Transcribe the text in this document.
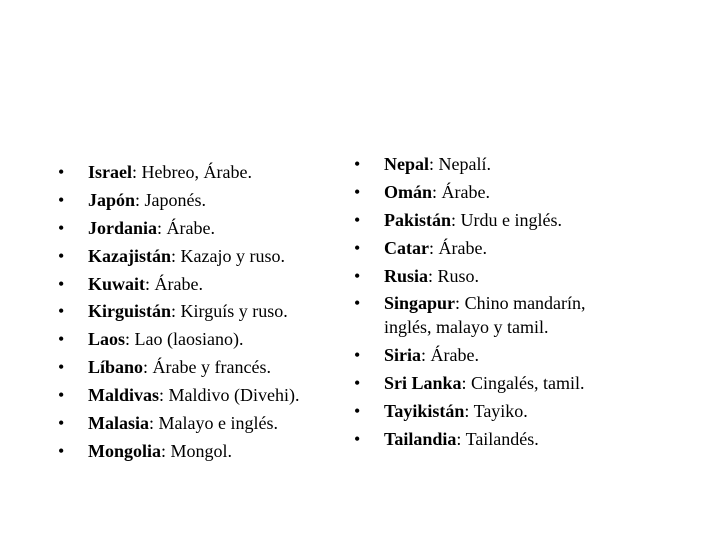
•	Israel: Hebreo, Árabe.
•	Japón: Japonés.
•	Jordania: Árabe.
•	Kazajistán: Kazajo y ruso.
•	Kuwait: Árabe.
•	Kirguistán: Kirguís y ruso.
•	Laos: Lao (laosiano).
•	Líbano: Árabe y francés.
•	Maldivas: Maldivo (Divehi).
•	Malasia: Malayo e inglés.
•	Mongolia: Mongol.
•	Nepal: Nepalí.
•	Omán: Árabe.
•	Pakistán: Urdu e inglés.
•	Catar: Árabe.
•	Rusia: Ruso.
•	Singapur: Chino mandarín, inglés, malayo y tamil.
•	Siria: Árabe.
•	Sri Lanka: Cingalés, tamil.
•	Tayikistán: Tayiko.
•	Tailandia: Tailandés.
